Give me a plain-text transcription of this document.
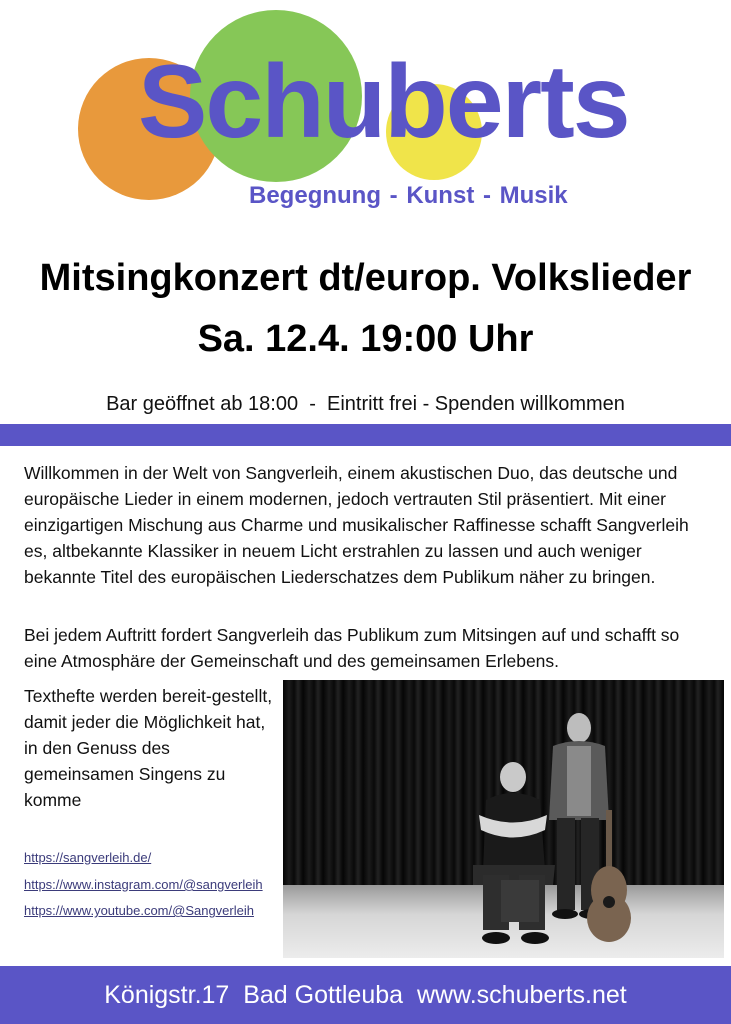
Schuberts
Begegnung - Kunst - Musik
Mitsingkonzert dt/europ. Volkslieder
Sa. 12.4. 19:00 Uhr
Bar geöffnet ab 18:00  -  Eintritt frei - Spenden willkommen
Willkommen in der Welt von Sangverleih, einem akustischen Duo, das deutsche und europäische Lieder in einem modernen, jedoch vertrauten Stil präsentiert. Mit einer einzigartigen Mischung aus Charme und musikalischer Raffinesse schafft Sangverleih es, altbekannte Klassiker in neuem Licht erstrahlen zu lassen und auch weniger bekannte Titel des europäischen Liederschatzes dem Publikum näher zu bringen.
Bei jedem Auftritt fordert Sangverleih das Publikum zum Mitsingen auf und schafft so eine Atmosphäre der Gemeinschaft und des gemeinsamen Erlebens.
Texthefte werden bereit-gestellt, damit jeder die Möglichkeit hat, in den Genuss des gemeinsamen Singens zu komme
https://sangverleih.de/
https://www.instagram.com/@sangverleih
https://www.youtube.com/@Sangverleih
Königstr.17  Bad Gottleuba  www.schuberts.net
